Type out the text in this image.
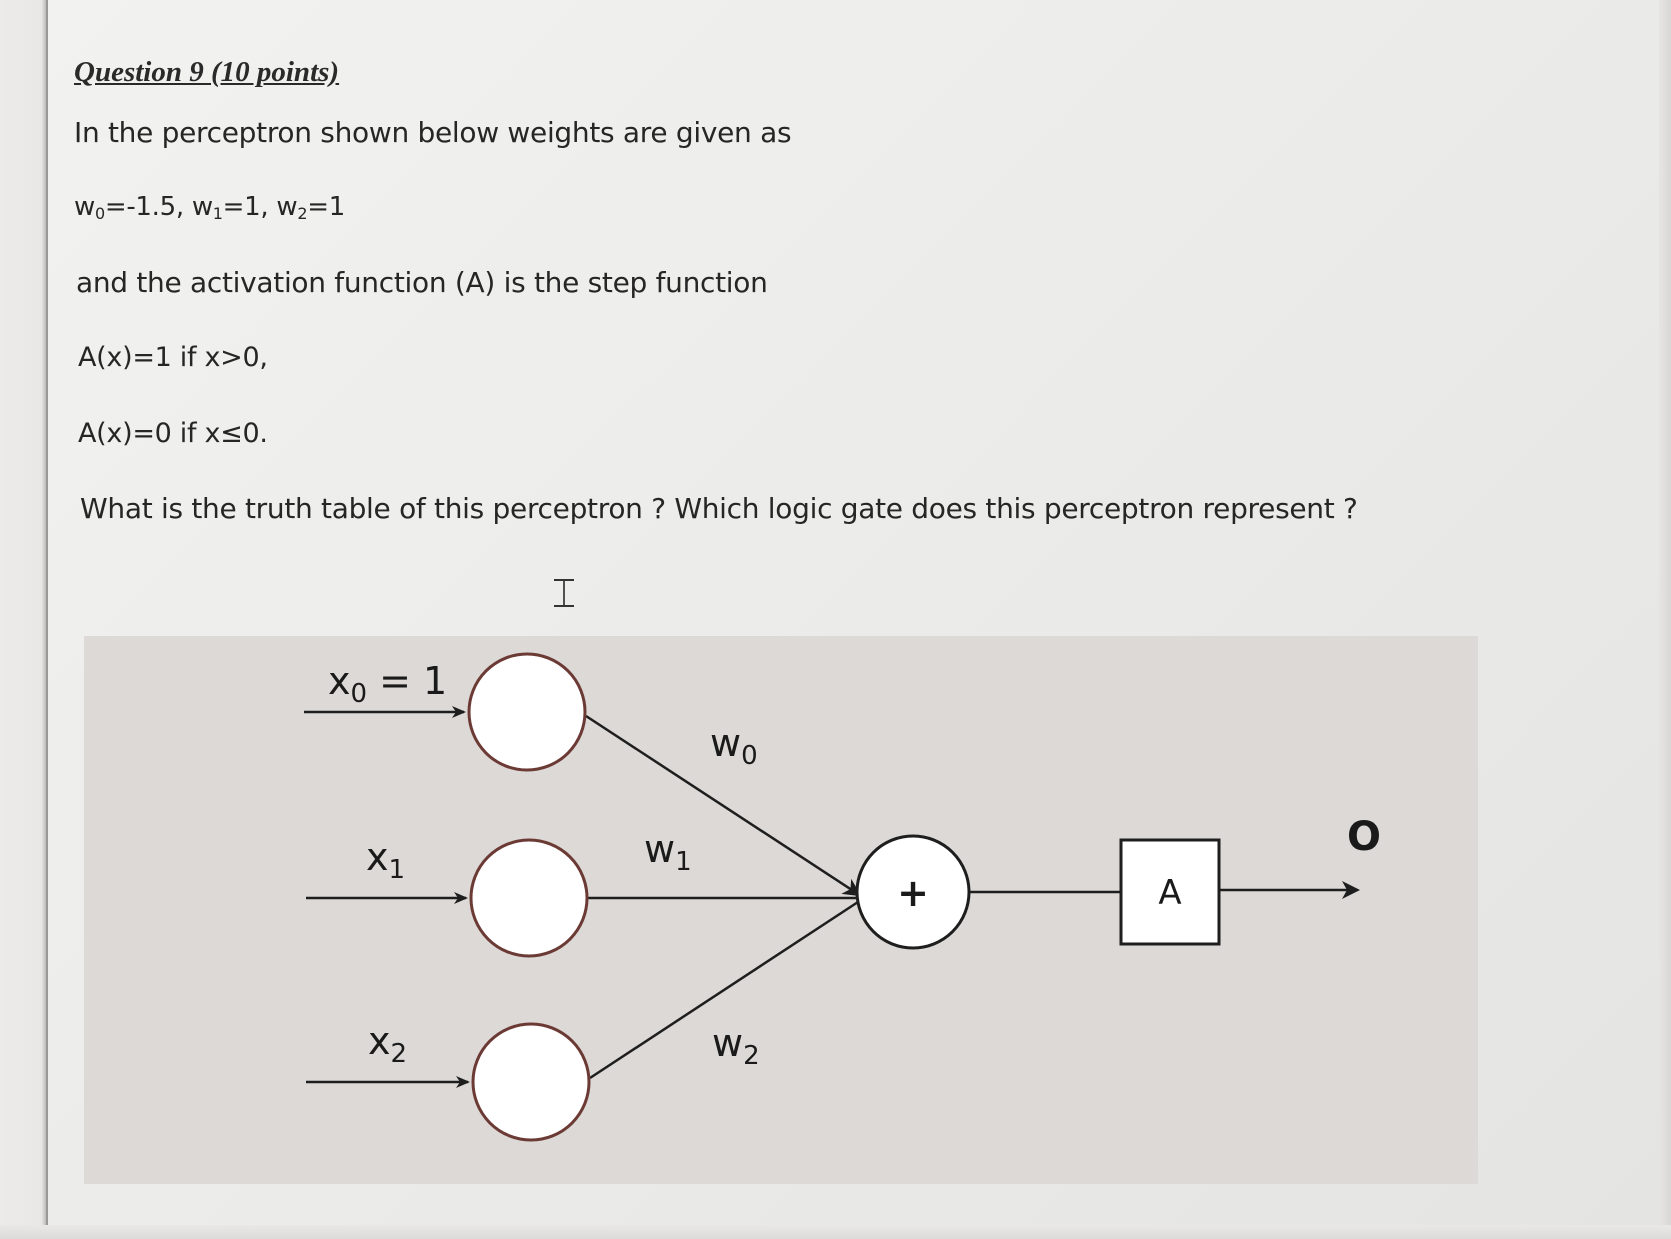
Question 9 (10 points)
In the perceptron shown below weights are given as
$w_0=-1.5$, $w_1=1$, $w_2=1$
and the activation function (A) is the step function
A(x)=1 if x>0,
A(x)=0 if x≤0.
What is the truth table of this perceptron ? Which logic gate does this perceptron represent ?
⌶
+	A
O
$x_0 = 1$
$x_1$
$x_2$
$w_0$
$w_1$
$w_2$
